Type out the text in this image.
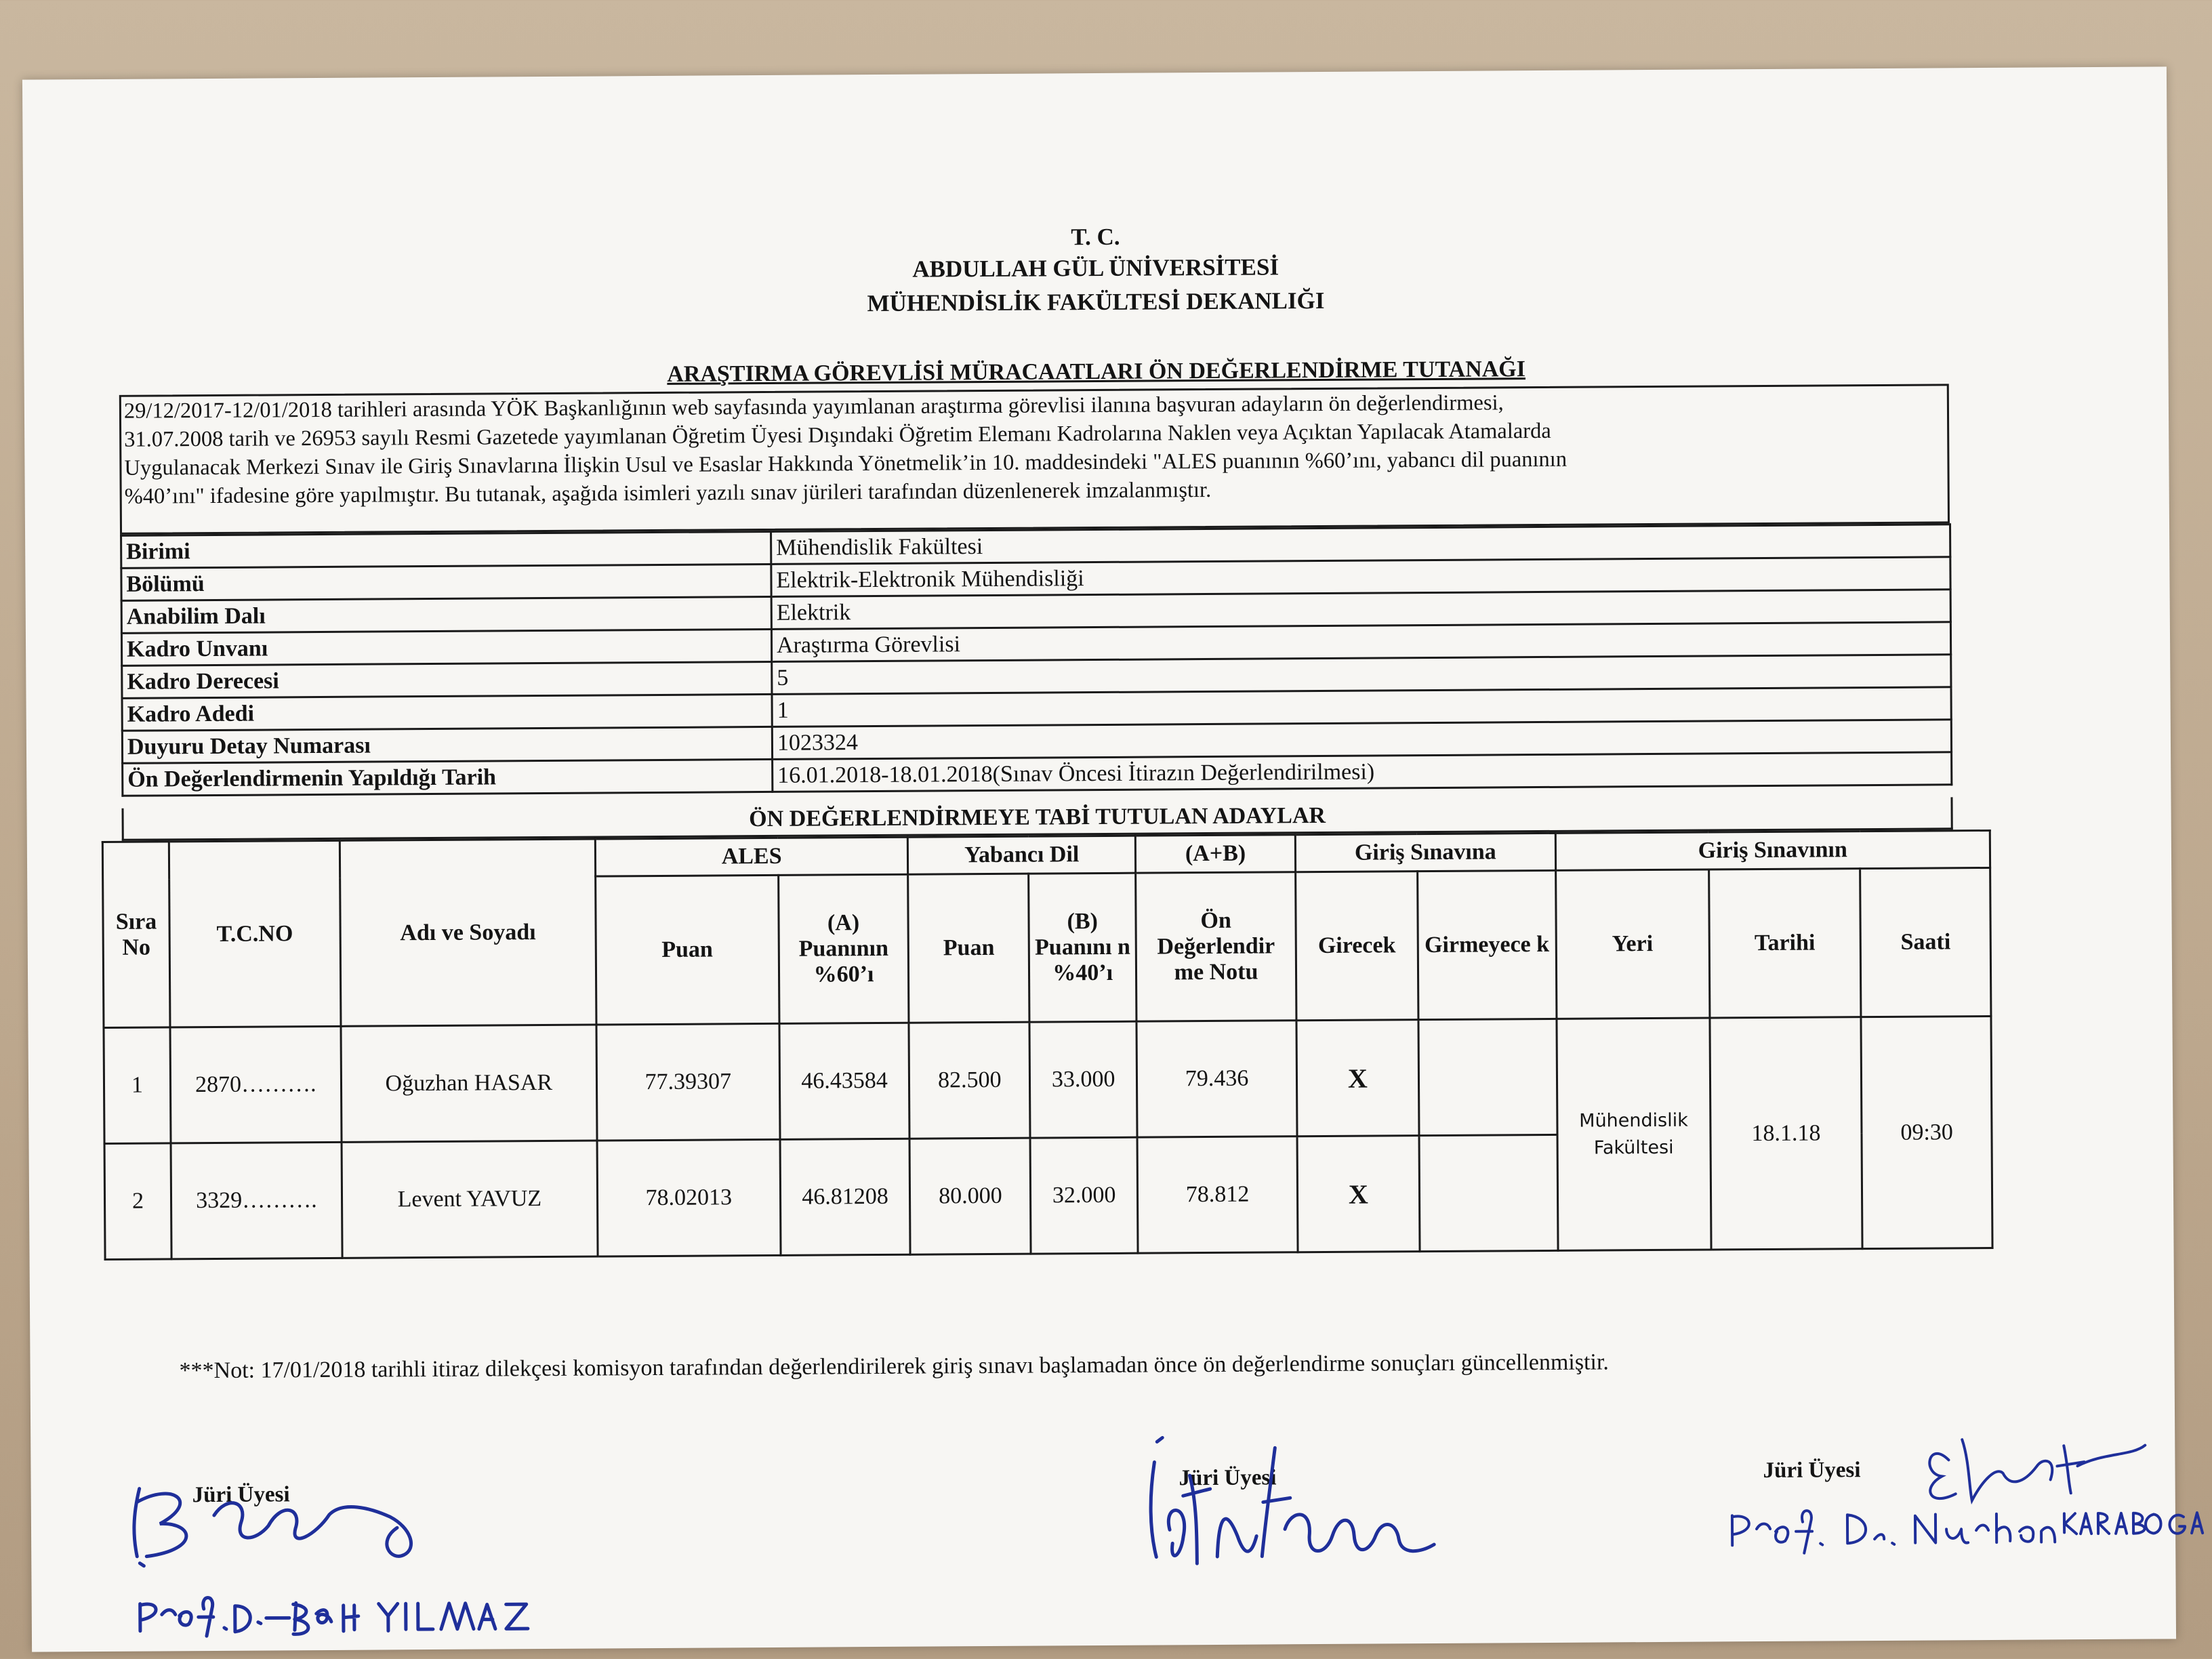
T. C.
ABDULLAH GÜL ÜNİVERSİTESİ
MÜHENDİSLİK FAKÜLTESİ DEKANLIĞI
ARAŞTIRMA GÖREVLİSİ MÜRACAATLARI ÖN DEĞERLENDİRME TUTANAĞI
29/12/2017-12/01/2018 tarihleri arasında YÖK Başkanlığının web sayfasında yayımlanan araştırma görevlisi ilanına başvuran adayların ön değerlendirmesi,
31.07.2008 tarih ve 26953 sayılı Resmi Gazetede yayımlanan Öğretim Üyesi Dışındaki Öğretim Elemanı Kadrolarına Naklen veya Açıktan Yapılacak Atamalarda
Uygulanacak Merkezi Sınav ile Giriş Sınavlarına İlişkin Usul ve Esaslar Hakkında Yönetmelik’in 10. maddesindeki "ALES puanının %60’ını, yabancı dil puanının
%40’ını" ifadesine göre yapılmıştır. Bu tutanak, aşağıda isimleri yazılı sınav jürileri tarafından düzenlenerek imzalanmıştır.
Birimi	Mühendislik Fakültesi
Bölümü	Elektrik-Elektronik Mühendisliği
Anabilim Dalı	Elektrik
Kadro Unvanı	Araştırma Görevlisi
Kadro Derecesi	5
Kadro Adedi	1
Duyuru Detay Numarası	1023324
Ön Değerlendirmenin Yapıldığı Tarih	16.01.2018-18.01.2018(Sınav Öncesi İtirazın Değerlendirilmesi)
ÖN DEĞERLENDİRMEYE TABİ TUTULAN ADAYLAR
Sıra No	T.C.NO	Adı ve Soyadı	ALES		Yabancı Dil		(A+B)	Giriş Sınavına		Giriş Sınavının		
			Puan	(A) Puanının %60’ı	Puan	(B) Puanını n %40’ı	Ön Değerlendir me Notu	Girecek	Girmeyece k	Yeri	Tarihi	Saati
1	2870……….	Oğuzhan HASAR	77.39307	46.43584	82.500	33.000	79.436	X		Mühendislik Fakültesi	18.1.18	09:30
2	3329……….	Levent YAVUZ	78.02013	46.81208	80.000	32.000	78.812	X				
***Not: 17/01/2018 tarihli itiraz dilekçesi komisyon tarafından değerlendirilerek giriş sınavı başlamadan önce ön değerlendirme sonuçları güncellenmiştir.
Jüri Üyesi
Jüri Üyesi	Jüri Üyesi
